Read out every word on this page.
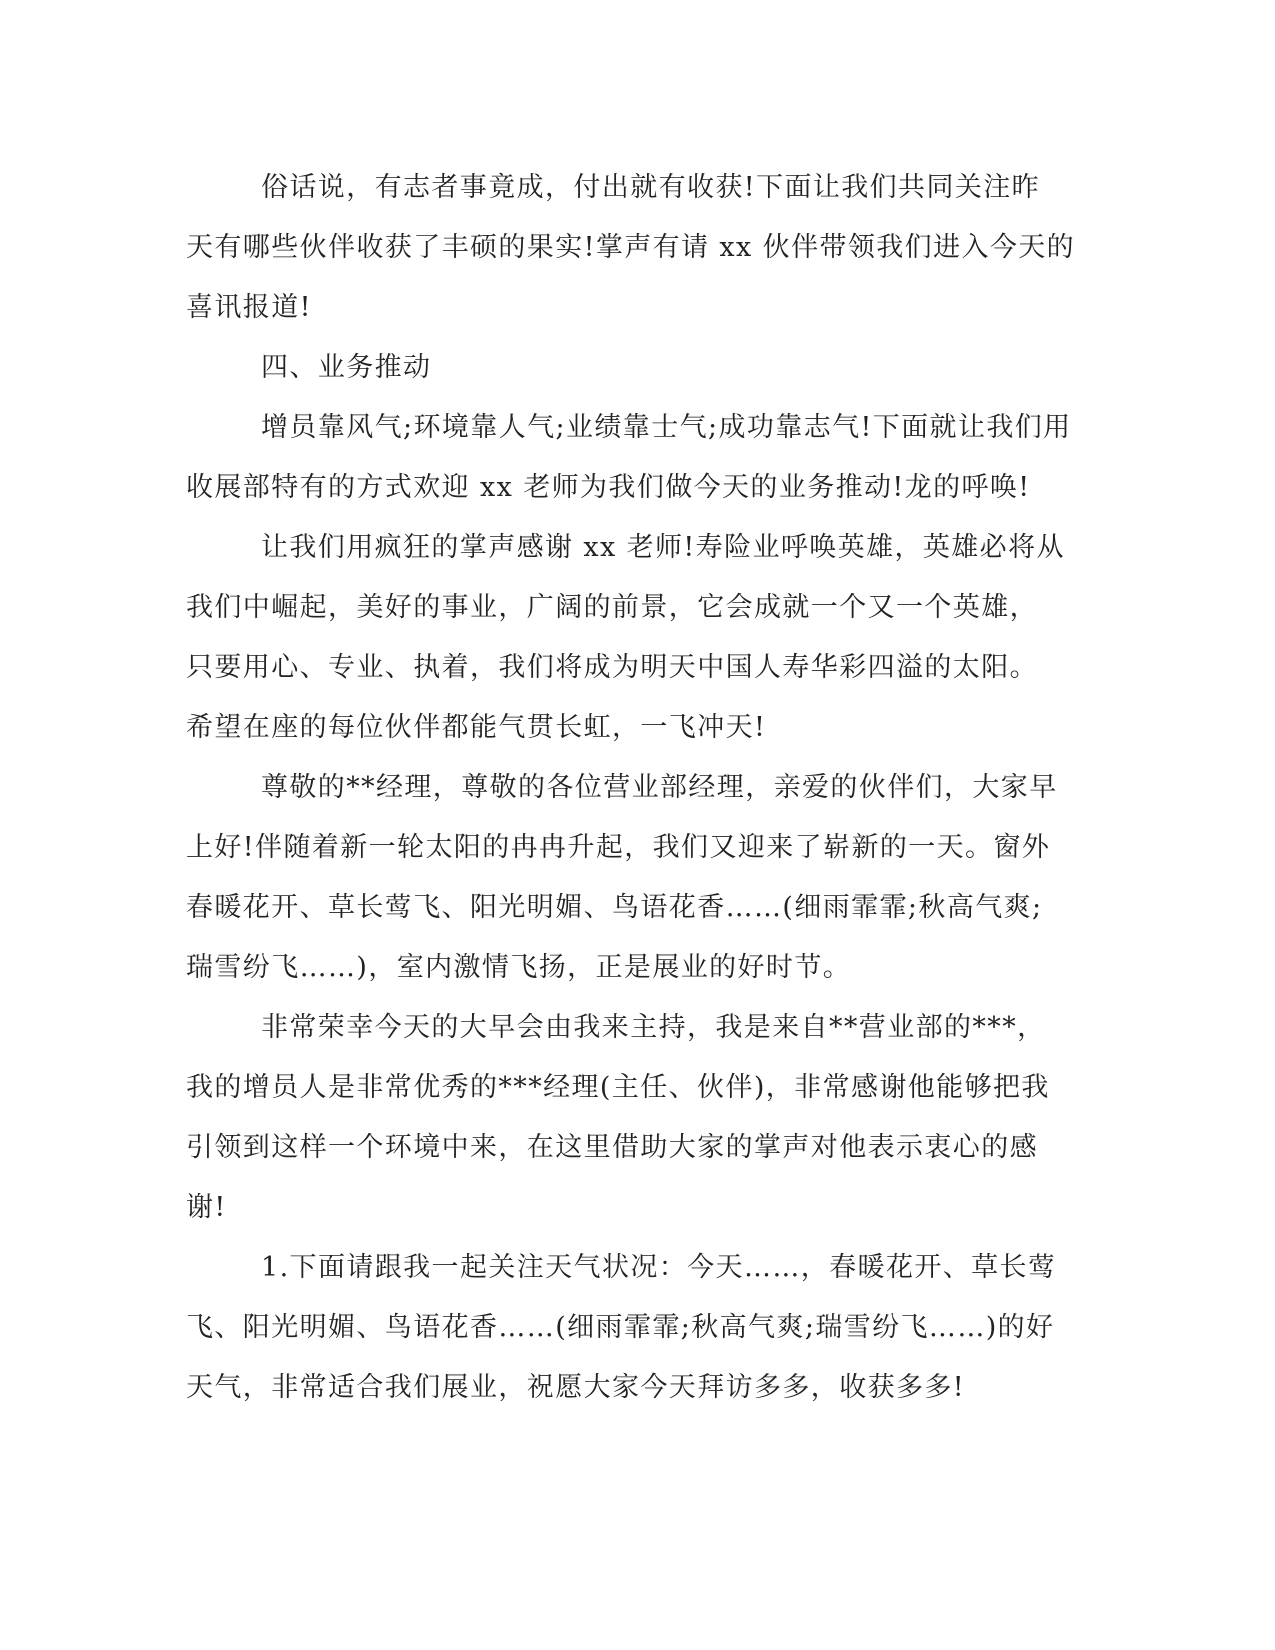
俗话说，有志者事竟成，付出就有收获!下面让我们共同关注昨
天有哪些伙伴收获了丰硕的果实!掌声有请 xx 伙伴带领我们进入今天的
喜讯报道!
四、业务推动
增员靠风气;环境靠人气;业绩靠士气;成功靠志气!下面就让我们用
收展部特有的方式欢迎 xx 老师为我们做今天的业务推动!龙的呼唤!
让我们用疯狂的掌声感谢 xx 老师!寿险业呼唤英雄，英雄必将从
我们中崛起，美好的事业，广阔的前景，它会成就一个又一个英雄，
只要用心、专业、执着，我们将成为明天中国人寿华彩四溢的太阳。
希望在座的每位伙伴都能气贯长虹，一飞冲天!
尊敬的**经理，尊敬的各位营业部经理，亲爱的伙伴们，大家早
上好!伴随着新一轮太阳的冉冉升起，我们又迎来了崭新的一天。窗外
春暖花开、草长莺飞、阳光明媚、鸟语花香……(细雨霏霏;秋高气爽;
瑞雪纷飞……)，室内激情飞扬，正是展业的好时节。
非常荣幸今天的大早会由我来主持，我是来自**营业部的***，
我的增员人是非常优秀的***经理(主任、伙伴)，非常感谢他能够把我
引领到这样一个环境中来，在这里借助大家的掌声对他表示衷心的感
谢!
1.下面请跟我一起关注天气状况：今天……，春暖花开、草长莺
飞、阳光明媚、鸟语花香……(细雨霏霏;秋高气爽;瑞雪纷飞……)的好
天气，非常适合我们展业，祝愿大家今天拜访多多，收获多多!
